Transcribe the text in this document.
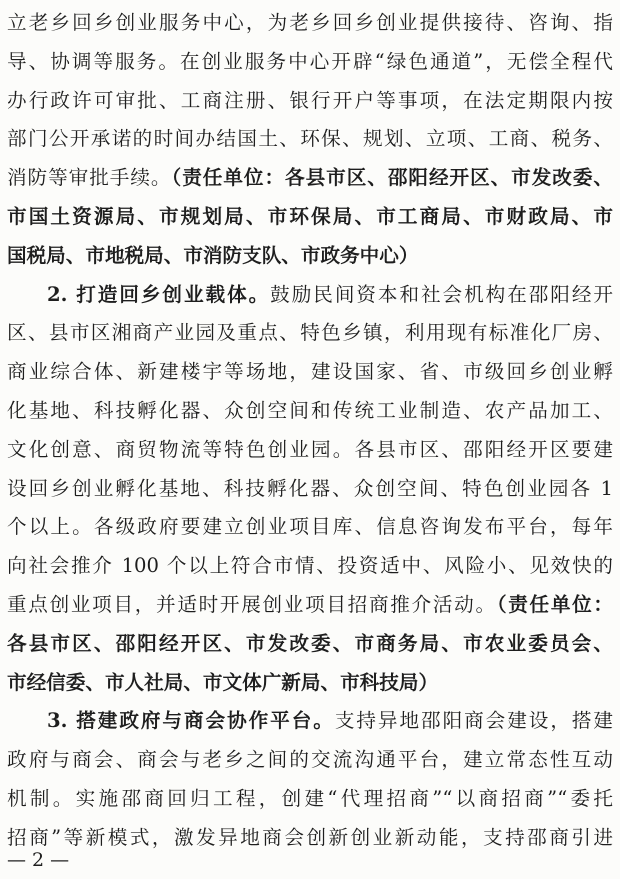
立老乡回乡创业服务中心，为老乡回乡创业提供接待、咨询、指
导、协调等服务。在创业服务中心开辟“绿色通道”，无偿全程代
办行政许可审批、工商注册、银行开户等事项，在法定期限内按
部门公开承诺的时间办结国土、环保、规划、立项、工商、税务、
消防等审批手续。（责任单位：各县市区、邵阳经开区、市发改委、
市国土资源局、市规划局、市环保局、市工商局、市财政局、市
国税局、市地税局、市消防支队、市政务中心）
2. 打造回乡创业载体。鼓励民间资本和社会机构在邵阳经开
区、县市区湘商产业园及重点、特色乡镇，利用现有标准化厂房、
商业综合体、新建楼宇等场地，建设国家、省、市级回乡创业孵
化基地、科技孵化器、众创空间和传统工业制造、农产品加工、
文化创意、商贸物流等特色创业园。各县市区、邵阳经开区要建
设回乡创业孵化基地、科技孵化器、众创空间、特色创业园各 1
个以上。各级政府要建立创业项目库、信息咨询发布平台，每年
向社会推介 100 个以上符合市情、投资适中、风险小、见效快的
重点创业项目，并适时开展创业项目招商推介活动。（责任单位：
各县市区、邵阳经开区、市发改委、市商务局、市农业委员会、
市经信委、市人社局、市文体广新局、市科技局）
3. 搭建政府与商会协作平台。支持异地邵阳商会建设，搭建
政府与商会、商会与老乡之间的交流沟通平台，建立常态性互动
机制。实施邵商回归工程，创建“代理招商”“以商招商”“委托
招商”等新模式，激发异地商会创新创业新动能，支持邵商引进
— 2 —
